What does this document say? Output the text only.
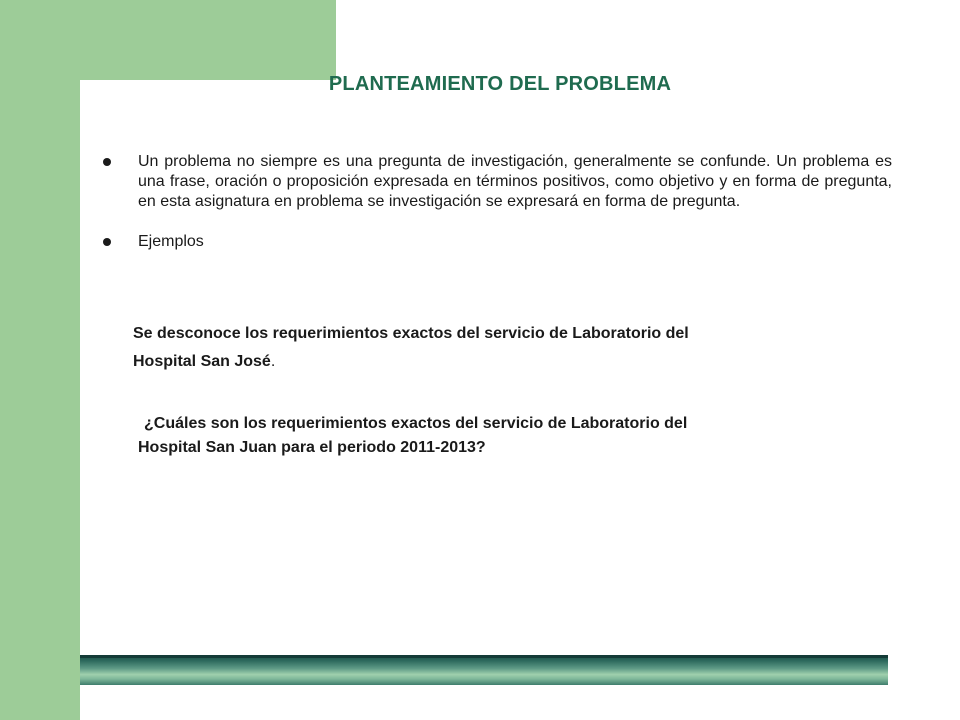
PLANTEAMIENTO DEL PROBLEMA
Un problema no siempre es una pregunta de investigación, generalmente se confunde. Un problema es una frase, oración o proposición expresada en términos positivos, como objetivo y en forma de pregunta, en esta asignatura en problema se investigación se expresará en forma de pregunta.
Ejemplos
Se desconoce los requerimientos exactos del servicio de Laboratorio del
Hospital San José.
¿Cuáles son los requerimientos exactos del servicio de Laboratorio del
Hospital San Juan para el periodo 2011-2013?
